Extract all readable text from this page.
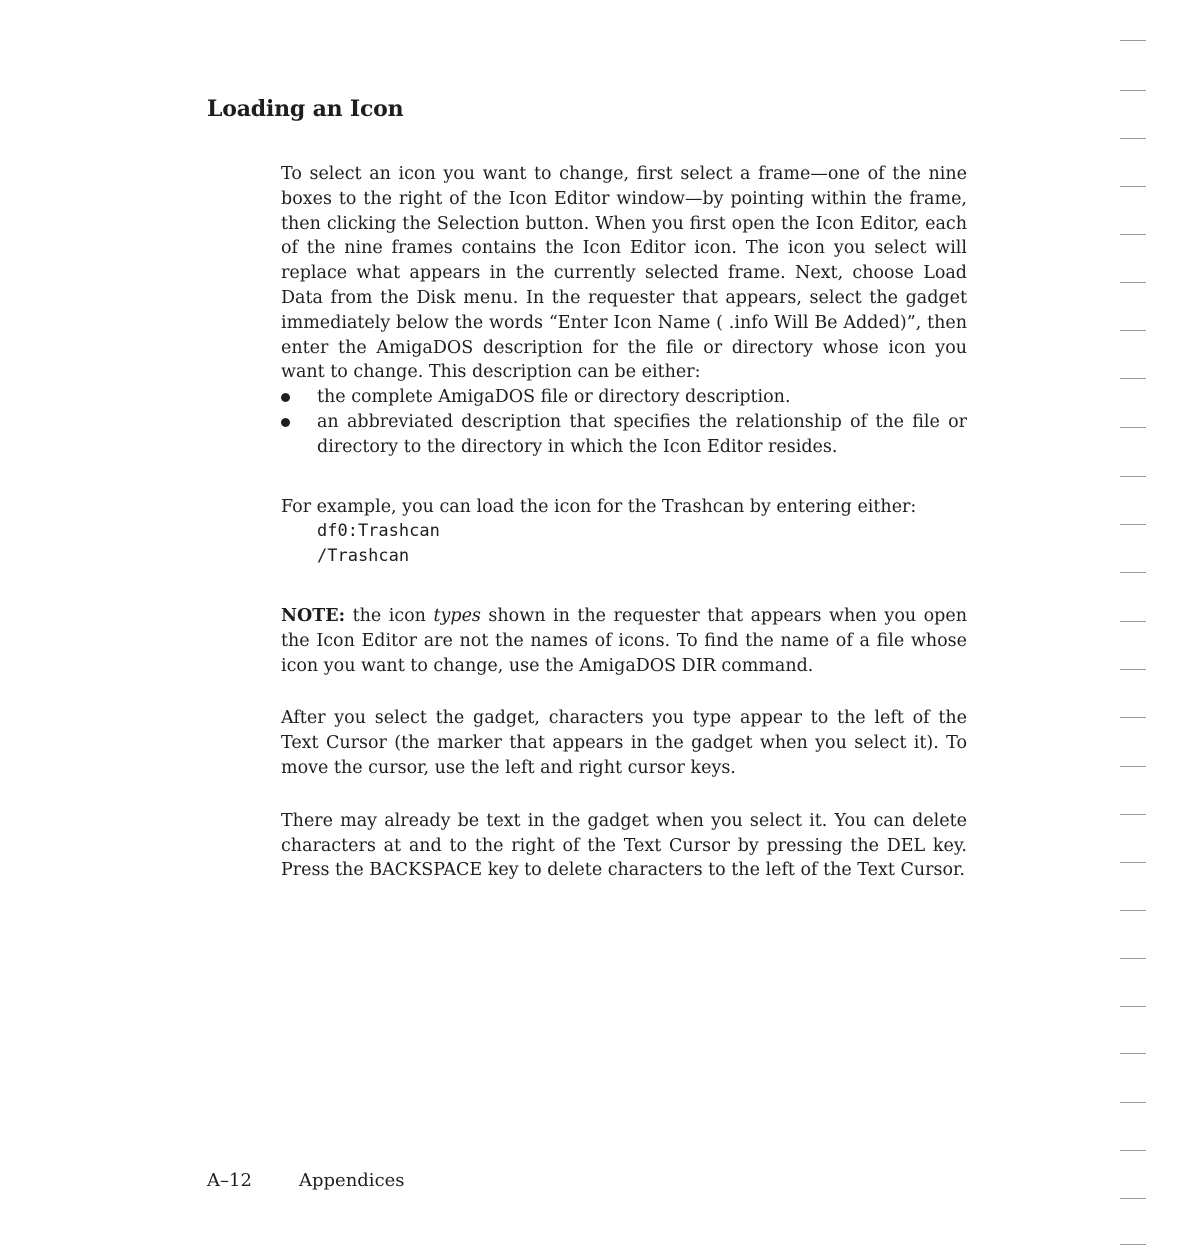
Loading an Icon

To select an icon you want to change, first select a frame—one of the nine boxes to the right of the Icon Editor window—by pointing within the frame, then clicking the Selection button. When you first open the Icon Editor, each of the nine frames contains the Icon Editor icon. The icon you select will replace what appears in the currently selected frame. Next, choose Load Data from the Disk menu. In the requester that appears, select the gadget immediately below the words “Enter Icon Name ( .info Will Be Added)”, then enter the AmigaDOS description for the file or directory whose icon you want to change. This description can be either:

the complete AmigaDOS file or directory description.
an abbreviated description that specifies the relationship of the file or directory to the directory in which the Icon Editor resides.

For example, you can load the icon for the Trashcan by entering either:

df0:Trashcan

/Trashcan

NOTE: the icon types shown in the requester that appears when you open the Icon Editor are not the names of icons. To find the name of a file whose icon you want to change, use the AmigaDOS DIR command.

After you select the gadget, characters you type appear to the left of the Text Cursor (the marker that appears in the gadget when you select it). To move the cursor, use the left and right cursor keys.

There may already be text in the gadget when you select it. You can delete characters at and to the right of the Text Cursor by pressing the DEL key. Press the BACKSPACE key to delete characters to the left of the Text Cursor.

A–12	Appendices
